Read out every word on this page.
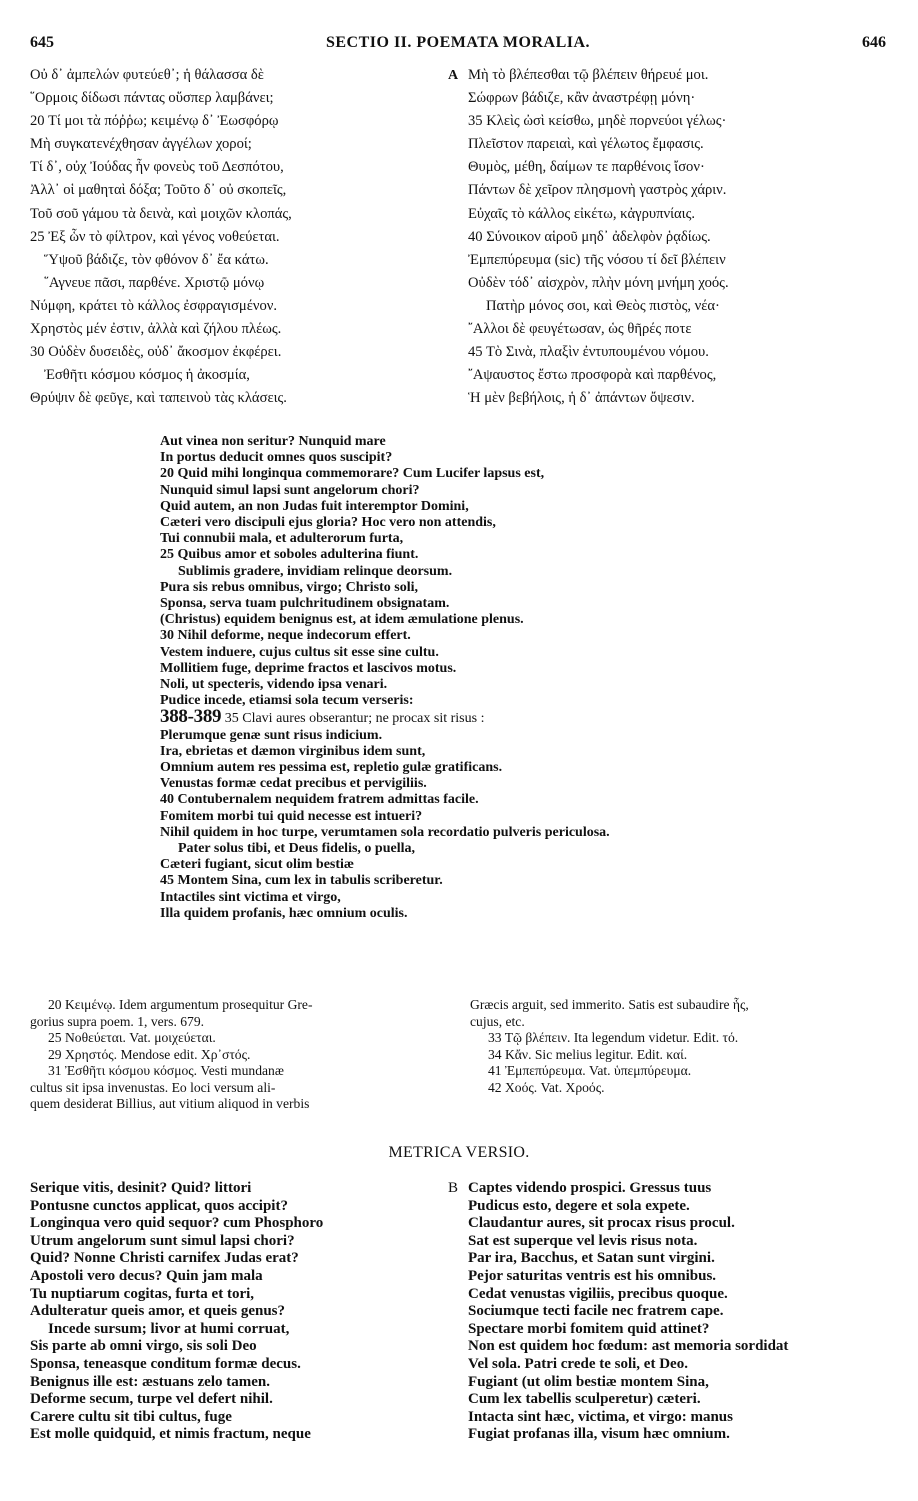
645	SECTIO II. POEMATA MORALIA.	646
Οὐ δ᾽ ἀμπελών φυτεύεθ᾽; ἡ θάλασσα δὲ
῞Ορμοις δίδωσι πάντας οὕσπερ λαμβάνει;
20 Τί μοι τὰ πόῤῥω; κειμένῳ δ᾽ Ἐωσφόρῳ
Μὴ συγκατενέχθησαν ἀγγέλων χοροί;
Τί δ᾽, οὐχ Ἰούδας ἦν φονεὺς τοῦ Δεσπότου,
Ἀλλ᾽ οἱ μαθηταὶ δόξα; Τοῦτο δ᾽ οὐ σκοπεῖς,
Τοῦ σοῦ γάμου τὰ δεινὰ, καὶ μοιχῶν κλοπάς,
25 Ἐξ ὧν τὸ φίλτρον, καὶ γένος νοθεύεται.
Ὕψοῦ βάδιζε, τὸν φθόνον δ᾽ ἔα κάτω.
῞Αγνευε πᾶσι, παρθένε. Χριστῷ μόνῳ
Νύμφη, κράτει τὸ κάλλος ἐσφραγισμένον.
Χρηστὸς μέν ἐστιν, ἀλλὰ καὶ ζήλου πλέως.
30 Οὐδὲν δυσειδὲς, οὐδ᾽ ἄκοσμον ἐκφέρει.
Ἐσθῆτι κόσμου κόσμος ἡ ἀκοσμία,
Θρύψιν δὲ φεῦγε, καὶ ταπεινοὺ τὰς κλάσεις.
A Μὴ τὸ βλέπεσθαι τῷ βλέπειν θήρευέ μοι.
Σώφρων βάδιζε, κἂν ἀναστρέφῃ μόνη·
35 Κλεὶς ὠσὶ κείσθω, μηδὲ πορνεύοι γέλως·
Πλεῖστον παρειαὶ, καὶ γέλωτος ἔμφασις.
Θυμὸς, μέθη, δαίμων τε παρθένοις ἴσον·
Πάντων δὲ χεῖρον πλησμονὴ γαστρὸς χάριν.
Εὐχαῖς τὸ κάλλος εἰκέτω, κἀγρυπνίαις.
40 Σύνοικον αἱροῦ μηδ᾽ ἀδελφὸν ῥᾳδίως.
Ἐμπεπύρευμα (sic) τῆς νόσου τί δεῖ βλέπειν
Οὐδὲν τόδ᾽ αἰσχρὸν, πλὴν μόνη μνήμη χοός.
Πατὴρ μόνος σοι, καὶ Θεὸς πιστὸς, νέα·
῎Αλλοι δὲ φευγέτωσαν, ὡς θῆρές ποτε
45 Τὸ Σινὰ, πλαξὶν ἐντυπουμένου νόμου.
῎Αψαυστος ἔστω προσφορὰ καὶ παρθένος,
Ἡ μὲν βεβήλοις, ἡ δ᾽ ἀπάντων ὄψεσιν.
Aut vinea non seritur? Nunquid mare
In portus deducit omnes quos suscipit?
20 Quid mihi longinqua commemorare? Cum Lucifer lapsus est,
Nunquid simul lapsi sunt angelorum chori?
Quid autem, an non Judas fuit interemptor Domini,
Cæteri vero discipuli ejus gloria? Hoc vero non attendis,
Tui connubii mala, et adulterorum furta,
25 Quibus amor et soboles adulterina fiunt.
Sublimis gradere, invidiam relinque deorsum.
Pura sis rebus omnibus, virgo; Christo soli,
Sponsa, serva tuam pulchritudinem obsignatam.
(Christus) equidem benignus est, at idem æmulatione plenus.
30 Nihil deforme, neque indecorum effert.
Vestem induere, cujus cultus sit esse sine cultu.
Mollitiem fuge, deprime fractos et lascivos motus.
Noli, ut specteris, videndo ipsa venari.
Pudice incede, etiamsi sola tecum verseris:
388-389 35 Clavi aures obserantur; ne procax sit risus :
Plerumque genæ sunt risus indicium.
Ira, ebrietas et dæmon virginibus idem sunt,
Omnium autem res pessima est, repletio gulæ gratificans.
Venustas formæ cedat precibus et pervigiliis.
40 Contubernalem nequidem fratrem admittas facile.
Fomitem morbi tui quid necesse est intueri?
Nihil quidem in hoc turpe, verumtamen sola recordatio pulveris periculosa.
Pater solus tibi, et Deus fidelis, o puella,
Cæteri fugiant, sicut olim bestiæ
45 Montem Sina, cum lex in tabulis scriberetur.
Intactiles sint victima et virgo,
Illa quidem profanis, hæc omnium oculis.
20 Κειμένῳ. Idem argumentum prosequitur Gre-
gorius supra poem. 1, vers. 679.
25 Νοθεύεται. Vat. μοιχεύεται.
29 Χρηστός. Mendose edit. Χρ᾽στός.
31 Ἐσθῆτι κόσμου κόσμος. Vesti mundanæ
cultus sit ipsa invenustas. Eo loci versum ali-
quem desiderat Billius, aut vitium aliquod in verbis
Græcis arguit, sed immerito. Satis est subaudire ἧς,
cujus, etc.
33 Τῷ βλέπειν. Ita legendum videtur. Edit. τό.
34 Κἄν. Sic melius legitur. Edit. καί.
41 Ἐμπεπύρευμα. Vat. ὑπεμπύρευμα.
42 Χοός. Vat. Χροός.
METRICA VERSIO.
Serique vitis, desinit? Quid? littori
Pontusne cunctos applicat, quos accipit?
Longinqua vero quid sequor? cum Phosphoro
Utrum angelorum sunt simul lapsi chori?
Quid? Nonne Christi carnifex Judas erat?
Apostoli vero decus? Quin jam mala
Tu nuptiarum cogitas, furta et tori,
Adulteratur queis amor, et queis genus?
Incede sursum; livor at humi corruat,
Sis parte ab omni virgo, sis soli Deo
Sponsa, teneasque conditum formæ decus.
Benignus ille est: æstuans zelo tamen.
Deforme secum, turpe vel defert nihil.
Carere cultu sit tibi cultus, fuge
Est molle quidquid, et nimis fractum, neque
B Captes videndo prospici. Gressus tuus
Pudicus esto, degere et sola expete.
Claudantur aures, sit procax risus procul.
Sat est superque vel levis risus nota.
Par ira, Bacchus, et Satan sunt virgini.
Pejor saturitas ventris est his omnibus.
Cedat venustas vigiliis, precibus quoque.
Sociumque tecti facile nec fratrem cape.
Spectare morbi fomitem quid attinet?
Non est quidem hoc fœdum: ast memoria sordidat
Vel sola. Patri crede te soli, et Deo.
Fugiant (ut olim bestiæ montem Sina,
Cum lex tabellis sculperetur) cæteri.
Intacta sint hæc, victima, et virgo: manus
Fugiat profanas illa, visum hæc omnium.
